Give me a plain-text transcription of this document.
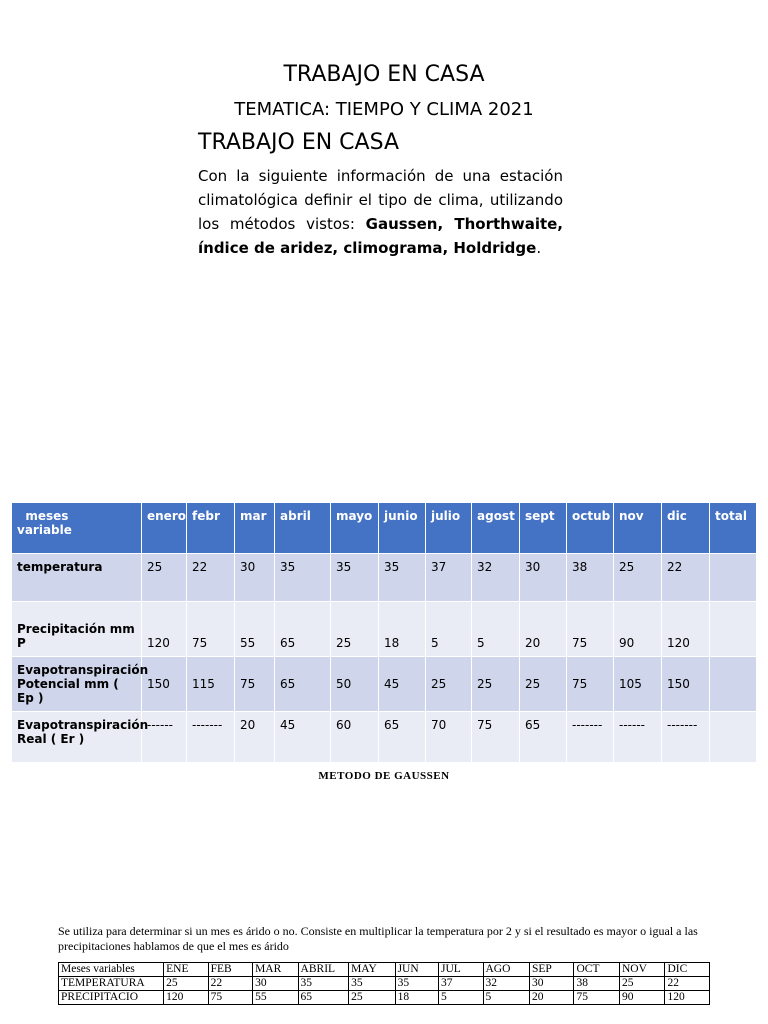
TRABAJO EN CASA
TEMATICA: TIEMPO Y CLIMA 2021
TRABAJO EN CASA
Con la siguiente información de una estación climatológica definir el tipo de clima, utilizando los métodos vistos: Gaussen, Thorthwaite, índice de aridez, climograma, Holdridge.
meses
variable	enero	febr	mar	abril	mayo	junio	julio	agost	sept	octub	nov	dic	total
temperatura	25	22	30	35	35	35	37	32	30	38	25	22	
Precipitación mm P	120	75	55	65	25	18	5	5	20	75	90	120	
Evapotranspiración Potencial mm ( Ep )	150	115	75	65	50	45	25	25	25	75	105	150	
Evapotranspiración Real ( Er )	------	-------	20	45	60	65	70	75	65	-------	------	-------	
METODO DE GAUSSEN
Se utiliza para determinar si un mes es árido o no. Consiste en multiplicar la temperatura por 2 y si el resultado es mayor o igual a las precipitaciones hablamos de que el mes es árido
Meses variables	ENE	FEB	MAR	ABRIL	MAY	JUN	JUL	AGO	SEP	OCT	NOV	DIC
TEMPERATURA	25	22	30	35	35	35	37	32	30	38	25	22
PRECIPITACIO	120	75	55	65	25	18	5	5	20	75	90	120
